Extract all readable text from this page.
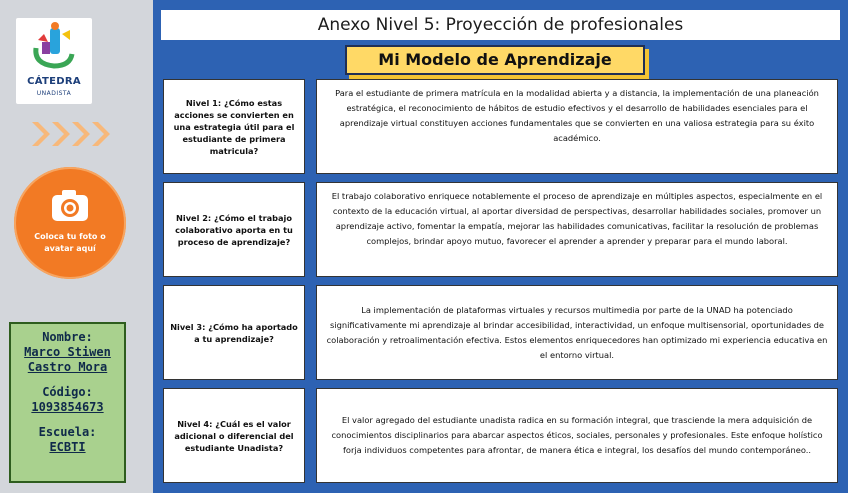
CÁTEDRA
UNADISTA
Coloca tu foto o avatar aquí
Nombre:
Marco Stiwen Castro Mora
Código:
1093854673
Escuela:
ECBTI
Anexo Nivel 5: Proyección de profesionales
Mi Modelo de Aprendizaje
Nivel 1: ¿Cómo estas acciones se convierten en una estrategia útil para el estudiante de primera matricula?
Para el estudiante de primera matrícula en la modalidad abierta y a distancia, la implementación de una planeación estratégica, el reconocimiento de hábitos de estudio efectivos y el desarrollo de habilidades esenciales para el aprendizaje virtual constituyen acciones fundamentales que se convierten en una valiosa estrategia para su éxito académico.
Nivel 2: ¿Cómo el trabajo colaborativo aporta en tu proceso de aprendizaje?
El trabajo colaborativo enriquece notablemente el proceso de aprendizaje en múltiples aspectos, especialmente en el contexto de la educación virtual, al aportar diversidad de perspectivas, desarrollar habilidades sociales, promover un aprendizaje activo, fomentar la empatía, mejorar las habilidades comunicativas, facilitar la resolución de problemas complejos, brindar apoyo mutuo, favorecer el aprender a aprender y preparar para el mundo laboral.
Nivel 3: ¿Cómo ha aportado a tu aprendizaje?
La implementación de plataformas virtuales y recursos multimedia por parte de la UNAD ha potenciado significativamente mi aprendizaje al brindar accesibilidad, interactividad, un enfoque multisensorial, oportunidades de colaboración y retroalimentación efectiva. Estos elementos enriquecedores han optimizado mi experiencia educativa en el entorno virtual.
Nivel 4: ¿Cuál es el valor adicional o diferencial del estudiante Unadista?
El valor agregado del estudiante unadista radica en su formación integral, que trasciende la mera adquisición de conocimientos disciplinarios para abarcar aspectos éticos, sociales, personales y profesionales. Este enfoque holístico forja individuos competentes para afrontar, de manera ética e integral, los desafíos del mundo contemporáneo..
